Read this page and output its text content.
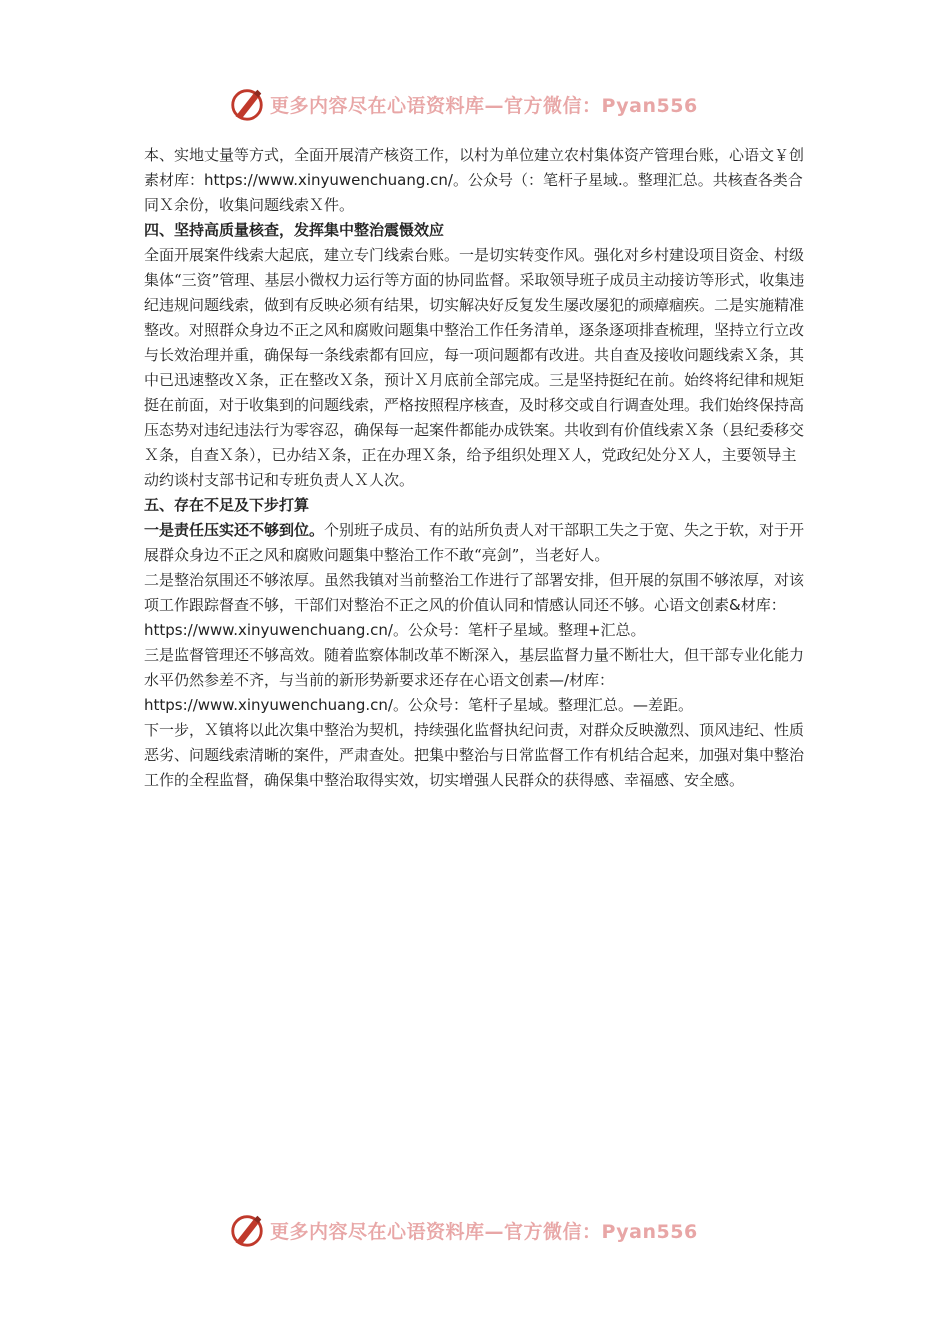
更多内容尽在心语资料库—官方微信：Pyan556

本、实地丈量等方式，全面开展清产核资工作，以村为单位建立农村集体资产管理台账，心语文￥创素材库：https://www.xinyuwenchuang.cn/。公众号（：笔杆子星域.。整理汇总。共核查各类合同Ｘ余份，收集问题线索Ｘ件。

四、坚持高质量核查，发挥集中整治震慑效应

全面开展案件线索大起底，建立专门线索台账。一是切实转变作风。强化对乡村建设项目资金、村级集体“三资”管理、基层小微权力运行等方面的协同监督。采取领导班子成员主动接访等形式，收集违纪违规问题线索，做到有反映必须有结果，切实解决好反复发生屡改屡犯的顽瘴痼疾。二是实施精准整改。对照群众身边不正之风和腐败问题集中整治工作任务清单，逐条逐项排查梳理，坚持立行立改与长效治理并重，确保每一条线索都有回应，每一项问题都有改进。共自查及接收问题线索Ｘ条，其中已迅速整改Ｘ条，正在整改Ｘ条，预计Ｘ月底前全部完成。三是坚持挺纪在前。始终将纪律和规矩挺在前面，对于收集到的问题线索，严格按照程序核查，及时移交或自行调查处理。我们始终保持高压态势对违纪违法行为零容忍，确保每一起案件都能办成铁案。共收到有价值线索Ｘ条（县纪委移交Ｘ条，自查Ｘ条），已办结Ｘ条，正在办理Ｘ条，给予组织处理Ｘ人，党政纪处分Ｘ人，主要领导主动约谈村支部书记和专班负责人Ｘ人次。

五、存在不足及下步打算

一是责任压实还不够到位。个别班子成员、有的站所负责人对干部职工失之于宽、失之于软，对于开展群众身边不正之风和腐败问题集中整治工作不敢“亮剑”，当老好人。

二是整治氛围还不够浓厚。虽然我镇对当前整治工作进行了部署安排，但开展的氛围不够浓厚，对该项工作跟踪督查不够，干部们对整治不正之风的价值认同和情感认同还不够。心语文创素&材库：https://www.xinyuwenchuang.cn/。公众号：笔杆子星域。整理+汇总。

三是监督管理还不够高效。随着监察体制改革不断深入，基层监督力量不断壮大，但干部专业化能力水平仍然参差不齐，与当前的新形势新要求还存在心语文创素—/材库：https://www.xinyuwenchuang.cn/。公众号：笔杆子星域。整理汇总。—差距。

下一步，Ｘ镇将以此次集中整治为契机，持续强化监督执纪问责，对群众反映激烈、顶风违纪、性质恶劣、问题线索清晰的案件，严肃查处。把集中整治与日常监督工作有机结合起来，加强对集中整治工作的全程监督，确保集中整治取得实效，切实增强人民群众的获得感、幸福感、安全感。

更多内容尽在心语资料库—官方微信：Pyan556
